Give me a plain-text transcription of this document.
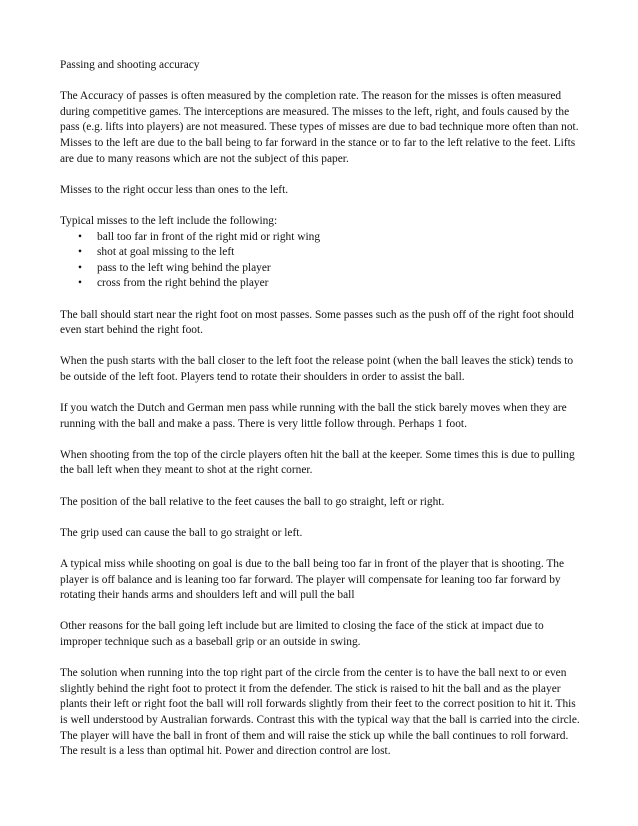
Passing and shooting accuracy

The Accuracy of passes is often measured by the completion rate. The reason for the misses is often measured during competitive games. The interceptions are measured. The misses to the left, right, and fouls caused by the pass (e.g. lifts into players) are not measured. These types of misses are due to bad technique more often than not. Misses to the left are due to the ball being to far forward in the stance or to far to the left relative to the feet. Lifts are due to many reasons which are not the subject of this paper.

Misses to the right occur less than ones to the left.

Typical misses to the left include the following:

• ball too far in front of the right mid or right wing
• shot at goal missing to the left
• pass to the left wing behind the player
• cross from the right behind the player

The ball should start near the right foot on most passes. Some passes such as the push off of the right foot should even start behind the right foot.

When the push starts with the ball closer to the left foot the release point (when the ball leaves the stick) tends to be outside of the left foot. Players tend to rotate their shoulders in order to assist the ball.

If you watch the Dutch and German men pass while running with the ball the stick barely moves when they are running with the ball and make a pass. There is very little follow through. Perhaps 1 foot.

When shooting from the top of the circle players often hit the ball at the keeper. Some times this is due to pulling the ball left when they meant to shot at the right corner.

The position of the ball relative to the feet causes the ball to go straight, left or right.

The grip used can cause the ball to go straight or left.

A typical miss while shooting on goal is due to the ball being too far in front of the player that is shooting. The player is off balance and is leaning too far forward. The player will compensate for leaning too far forward by rotating their hands arms and shoulders left and will pull the ball

Other reasons for the ball going left include but are limited to closing the face of the stick at impact due to improper technique such as a baseball grip or an outside in swing.

The solution when running into the top right part of the circle from the center is to have the ball next to or even slightly behind the right foot to protect it from the defender. The stick is raised to hit the ball and as the player plants their left or right foot the ball will roll forwards slightly from their feet to the correct position to hit it. This is well understood by Australian forwards. Contrast this with the typical way that the ball is carried into the circle. The player will have the ball in front of them and will raise the stick up while the ball continues to roll forward. The result is a less than optimal hit. Power and direction control are lost.
